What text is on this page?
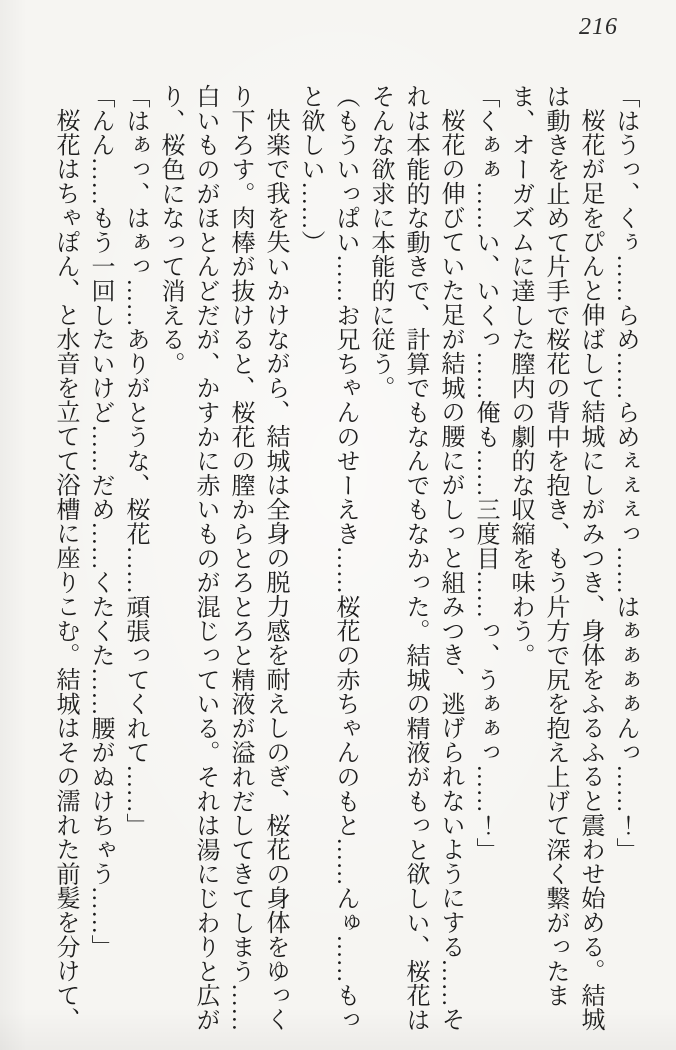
216

「はうっ、くぅ……らめ……らめぇぇぇっ……はぁぁぁぁんっ……！」

桜花が足をぴんと伸ばして結城にしがみつき、身体をふるふると震わせ始める。結城は動きを止めて片手で桜花の背中を抱き、もう片方で尻を抱え上げて深く繋がったまま、オーガズムに達した膣内の劇的な収縮を味わう。

「くぁぁ……い、いくっ……俺も……三度目……っ、うぁぁっ……！」

桜花の伸びていた足が結城の腰にがしっと組みつき、逃げられないようにする……それは本能的な動きで、計算でもなんでもなかった。結城の精液がもっと欲しい、桜花はそんな欲求に本能的に従う。

（もういっぱい……お兄ちゃんのせーえき……桜花の赤ちゃんのもと……んゅ……もっと欲しい……）

快楽で我を失いかけながら、結城は全身の脱力感を耐えしのぎ、桜花の身体をゆっくり下ろす。肉棒が抜けると、桜花の膣からとろとろと精液が溢れだしてきてしまう……白いものがほとんどだが、かすかに赤いものが混じっている。それは湯にじわりと広がり、桜色になって消える。

「はぁっ、はぁっ……ありがとうな、桜花……頑張ってくれて……」

「んん……もう一回したいけど……だめ……くたくた……腰がぬけちゃう……」

桜花はちゃぽん、と水音を立てて浴槽に座りこむ。結城はその濡れた前髪を分けて、
